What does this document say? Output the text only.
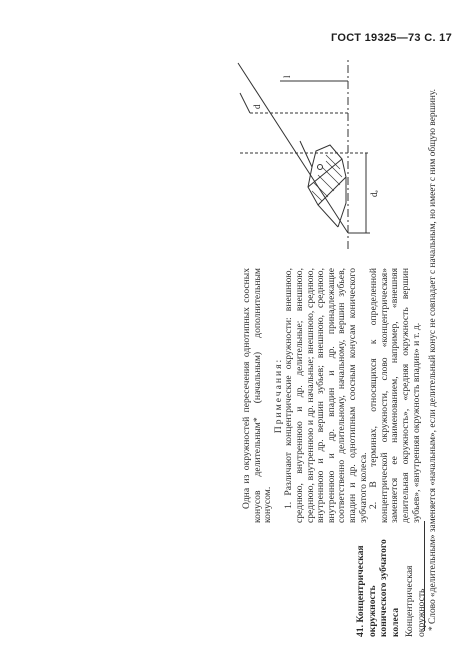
ГОСТ 19325—73 С. 17
41. Концентрическая окружность конического зубчатого колеса Концентрическая окружность

Одна из окружностей пересечения однотипных соосных конусов делительным* (начальным) дополнительным конусом.

Примечания: 1. Различают концентрические окружности: внешнюю, среднюю, внутреннюю и др. делительные; внешнюю, среднюю, внутреннюю и др. начальные; внешнюю, среднюю, внутреннюю и др. вершин зубьев; внешнюю, среднюю, внутреннюю и др. впадин и др. принадлежащие соответственно делительному, начальному, вершин зубьев, впадин и др. однотипным соосным конусам конического зубчатого колеса. 2. В терминах, относящихся к определенной концентрической окружности, слово «концентрическая» заменяется ее наименованием, например, «внешняя делительная окружность», «средняя окружность вершин зубьев», «внутренняя окружность впадин» и т. д.

dₑ
d
l
* Слово «делительным» заменяется «начальным», если делительный конус не совпадает с начальным, но имеет с ним общую вершину.
